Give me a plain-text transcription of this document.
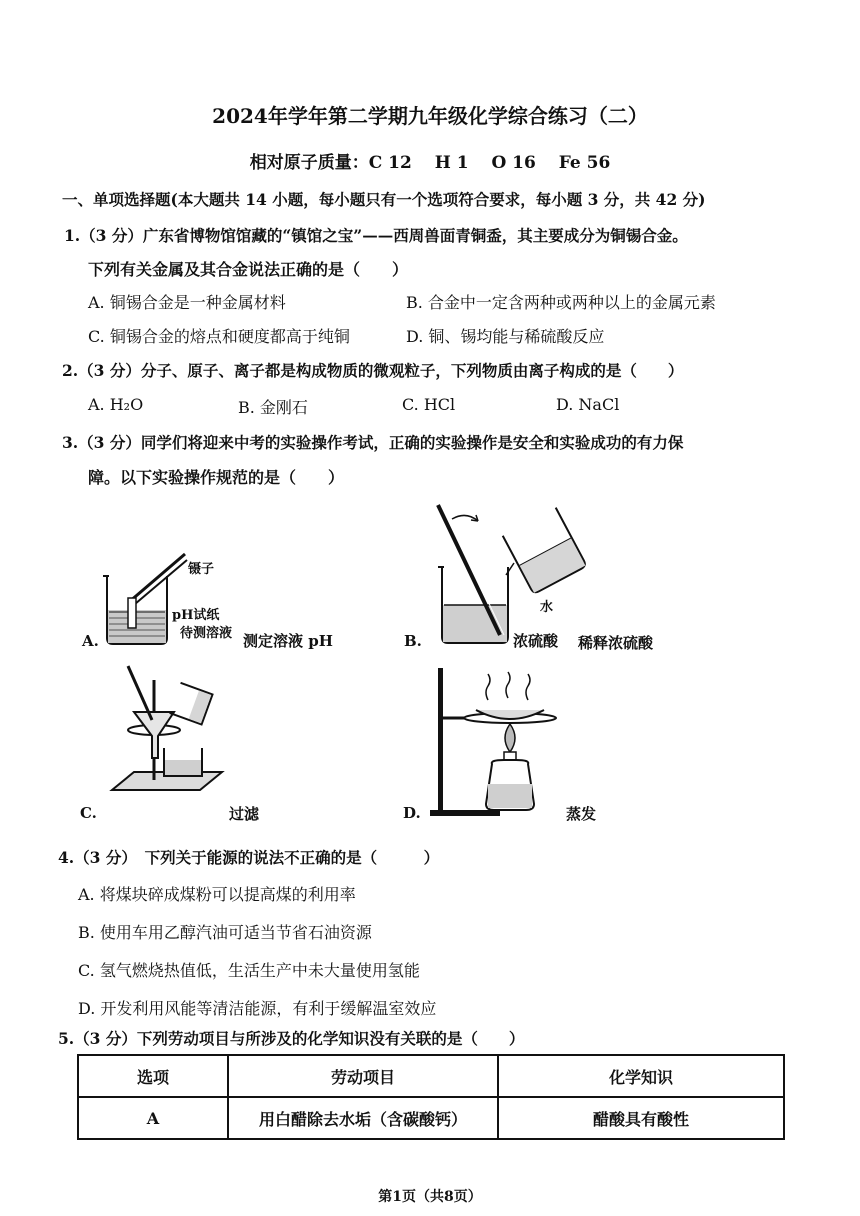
2024年学年第二学期九年级化学综合练习（二）
相对原子质量：C 12　 H 1　 O 16　 Fe 56
一、单项选择题(本大题共 14 小题，每小题只有一个选项符合要求，每小题 3 分，共 42 分)
1.（3 分）广东省博物馆馆藏的“镇馆之宝”——西周兽面青铜盉，其主要成分为铜锡合金。
下列有关金属及其合金说法正确的是（　　）
A. 铜锡合金是一种金属材料	B. 合金中一定含两种或两种以上的金属元素
C. 铜锡合金的熔点和硬度都高于纯铜	D. 铜、锡均能与稀硫酸反应
2.（3 分）分子、原子、离子都是构成物质的微观粒子，下列物质由离子构成的是（　　）
A. H₂O	B. 金刚石	C. HCl	D. NaCl
3.（3 分）同学们将迎来中考的实验操作考试，正确的实验操作是安全和实验成功的有力保
障。以下实验操作规范的是（　　）
镊子
pH试纸
待测溶液
A.	测定溶液 pH
水
B.	浓硫酸 稀释浓硫酸
C.	过滤	D.	蒸发
4.（3 分）　下列关于能源的说法不正确的是（　　　）
A. 将煤块碎成煤粉可以提高煤的利用率
B. 使用车用乙醇汽油可适当节省石油资源
C. 氢气燃烧热值低，生活生产中未大量使用氢能
D. 开发利用风能等清洁能源，有利于缓解温室效应
5.（3 分）下列劳动项目与所涉及的化学知识没有关联的是（　　）
选项	劳动项目	化学知识
A	用白醋除去水垢（含碳酸钙）	醋酸具有酸性
第1页（共8页）
